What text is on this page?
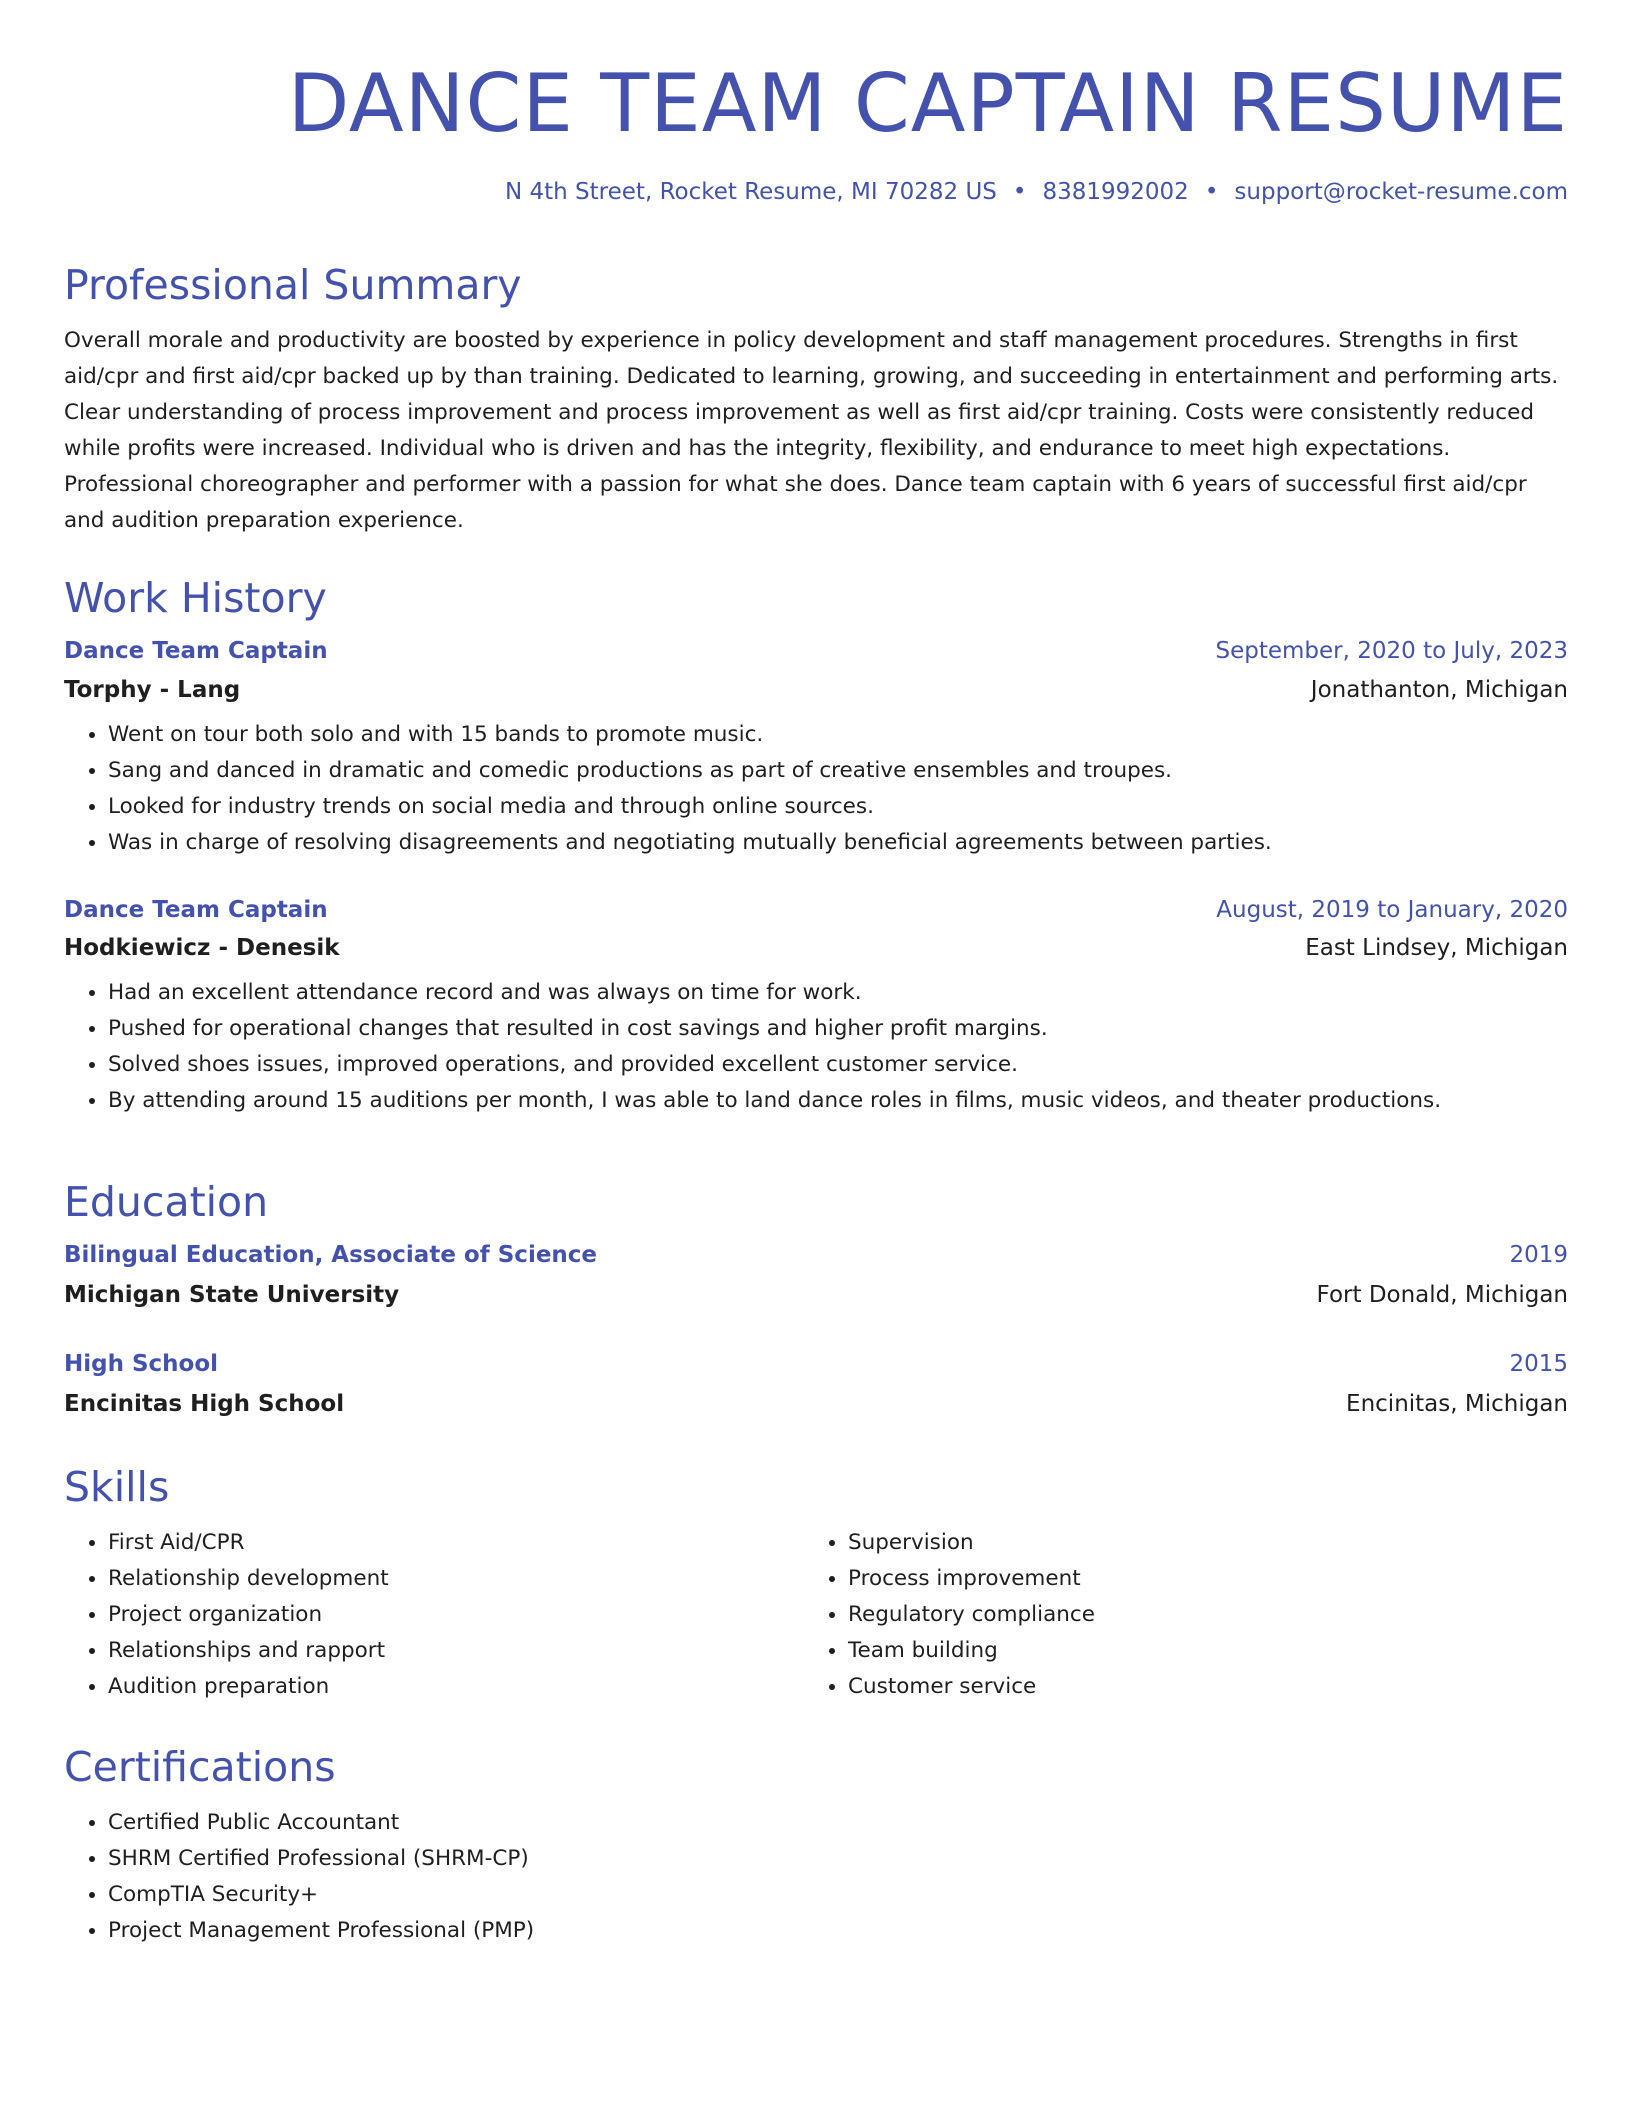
DANCE TEAM CAPTAIN RESUME
N 4th Street, Rocket Resume, MI 70282 US • 8381992002 • support@rocket-resume.com
Professional Summary

Overall morale and productivity are boosted by experience in policy development and staff management procedures. Strengths in first aid/cpr and first aid/cpr backed up by than training. Dedicated to learning, growing, and succeeding in entertainment and performing arts. Clear understanding of process improvement and process improvement as well as first aid/cpr training. Costs were consistently reduced while profits were increased. Individual who is driven and has the integrity, flexibility, and endurance to meet high expectations. Professional choreographer and performer with a passion for what she does. Dance team captain with 6 years of successful first aid/cpr and audition preparation experience.

Work History
Dance Team Captain	September, 2020 to July, 2023
Torphy - Lang	Jonathanton, Michigan
• Went on tour both solo and with 15 bands to promote music.
• Sang and danced in dramatic and comedic productions as part of creative ensembles and troupes.
• Looked for industry trends on social media and through online sources.
• Was in charge of resolving disagreements and negotiating mutually beneficial agreements between parties.
Dance Team Captain	August, 2019 to January, 2020
Hodkiewicz - Denesik	East Lindsey, Michigan
• Had an excellent attendance record and was always on time for work.
• Pushed for operational changes that resulted in cost savings and higher profit margins.
• Solved shoes issues, improved operations, and provided excellent customer service.
• By attending around 15 auditions per month, I was able to land dance roles in films, music videos, and theater productions.
Education
Bilingual Education, Associate of Science	2019
Michigan State University	Fort Donald, Michigan
High School	2015
Encinitas High School	Encinitas, Michigan
Skills
• First Aid/CPR
• Relationship development
• Project organization
• Relationships and rapport
• Audition preparation
• Supervision
• Process improvement
• Regulatory compliance
• Team building
• Customer service
Certifications
• Certified Public Accountant
• SHRM Certified Professional (SHRM-CP)
• CompTIA Security+
• Project Management Professional (PMP)
